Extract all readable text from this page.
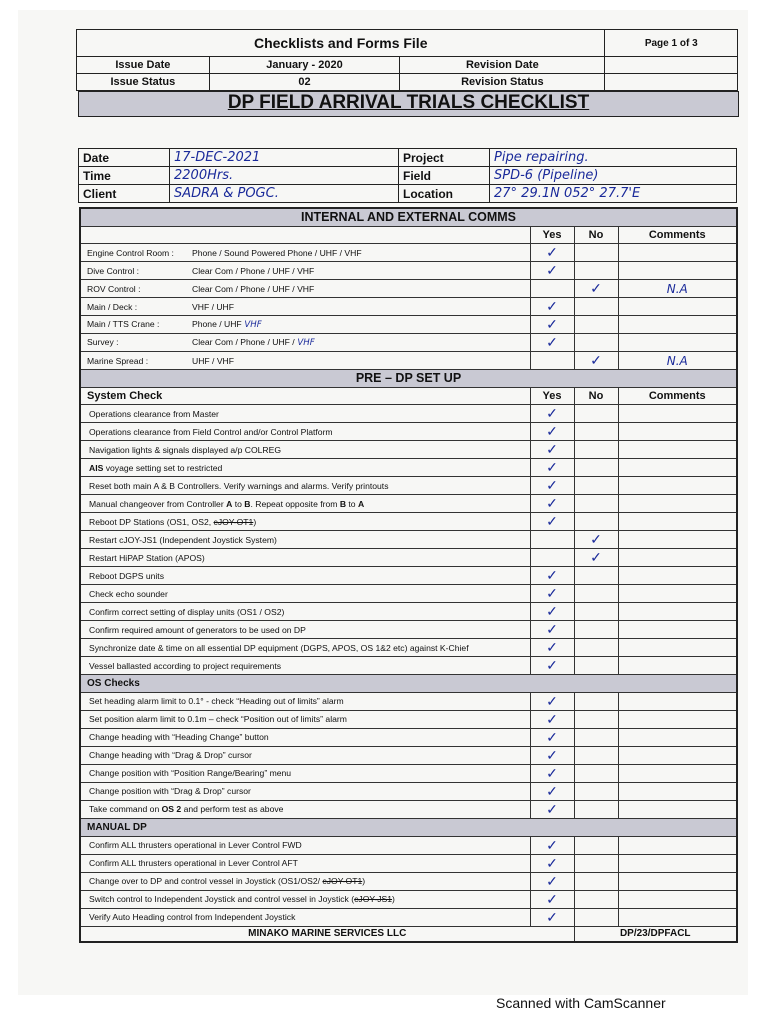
Checklists and Forms File			Page 1 of 3
Issue Date	January - 2020	Revision Date	
Issue Status	02	Revision Status	
DP FIELD ARRIVAL TRIALS CHECKLIST
Date	17-DEC-2021	Project	Pipe repairing.
Time	2200Hrs.	Field	SPD-6 (Pipeline)
Client	SADRA & POGC.	Location	27° 29.1N 052° 27.7'E
INTERNAL AND EXTERNAL COMMS			
	Yes	No	Comments
Engine Control Room : Phone / Sound Powered Phone / UHF / VHF	✓		
Dive Control : Clear Com / Phone / UHF / VHF	✓		
ROV Control : Clear Com / Phone / UHF / VHF		✓	N.A
Main / Deck : VHF / UHF	✓		
Main / TTS Crane : Phone / UHF VHF	✓		
Survey : Clear Com / Phone / UHF / VHF	✓		
Marine Spread : UHF / VHF		✓	N.A
PRE – DP SET UP			
System Check	Yes	No	Comments
Operations clearance from Master	✓		
Operations clearance from Field Control and/or Control Platform	✓		
Navigation lights & signals displayed a/p COLREG	✓		
AIS voyage setting set to restricted	✓		
Reset both main A & B Controllers. Verify warnings and alarms. Verify printouts	✓		
Manual changeover from Controller A to B. Repeat opposite from B to A	✓		
Reboot DP Stations (OS1, OS2, cJOY-OT1)	✓		
Restart cJOY-JS1 (Independent Joystick System)		✓	
Restart HiPAP Station (APOS)		✓	
Reboot DGPS units	✓		
Check echo sounder	✓		
Confirm correct setting of display units (OS1 / OS2)	✓		
Confirm required amount of generators to be used on DP	✓		
Synchronize date & time on all essential DP equipment (DGPS, APOS, OS 1&2 etc) against K-Chief	✓		
Vessel ballasted according to project requirements	✓		
OS Checks			
Set heading alarm limit to 0.1° - check “Heading out of limits” alarm	✓		
Set position alarm limit to 0.1m – check “Position out of limits” alarm	✓		
Change heading with “Heading Change” button	✓		
Change heading with “Drag & Drop” cursor	✓		
Change position with “Position Range/Bearing” menu	✓		
Change position with “Drag & Drop” cursor	✓		
Take command on OS 2 and perform test as above	✓		
MANUAL DP			
Confirm ALL thrusters operational in Lever Control FWD	✓		
Confirm ALL thrusters operational in Lever Control AFT	✓		
Change over to DP and control vessel in Joystick (OS1/OS2/ cJOY-OT1)	✓		
Switch control to Independent Joystick and control vessel in Joystick (cJOY-JS1)	✓		
Verify Auto Heading control from Independent Joystick	✓		
MINAKO MARINE SERVICES LLC		DP/23/DPFACL	
Scanned with CamScanner
